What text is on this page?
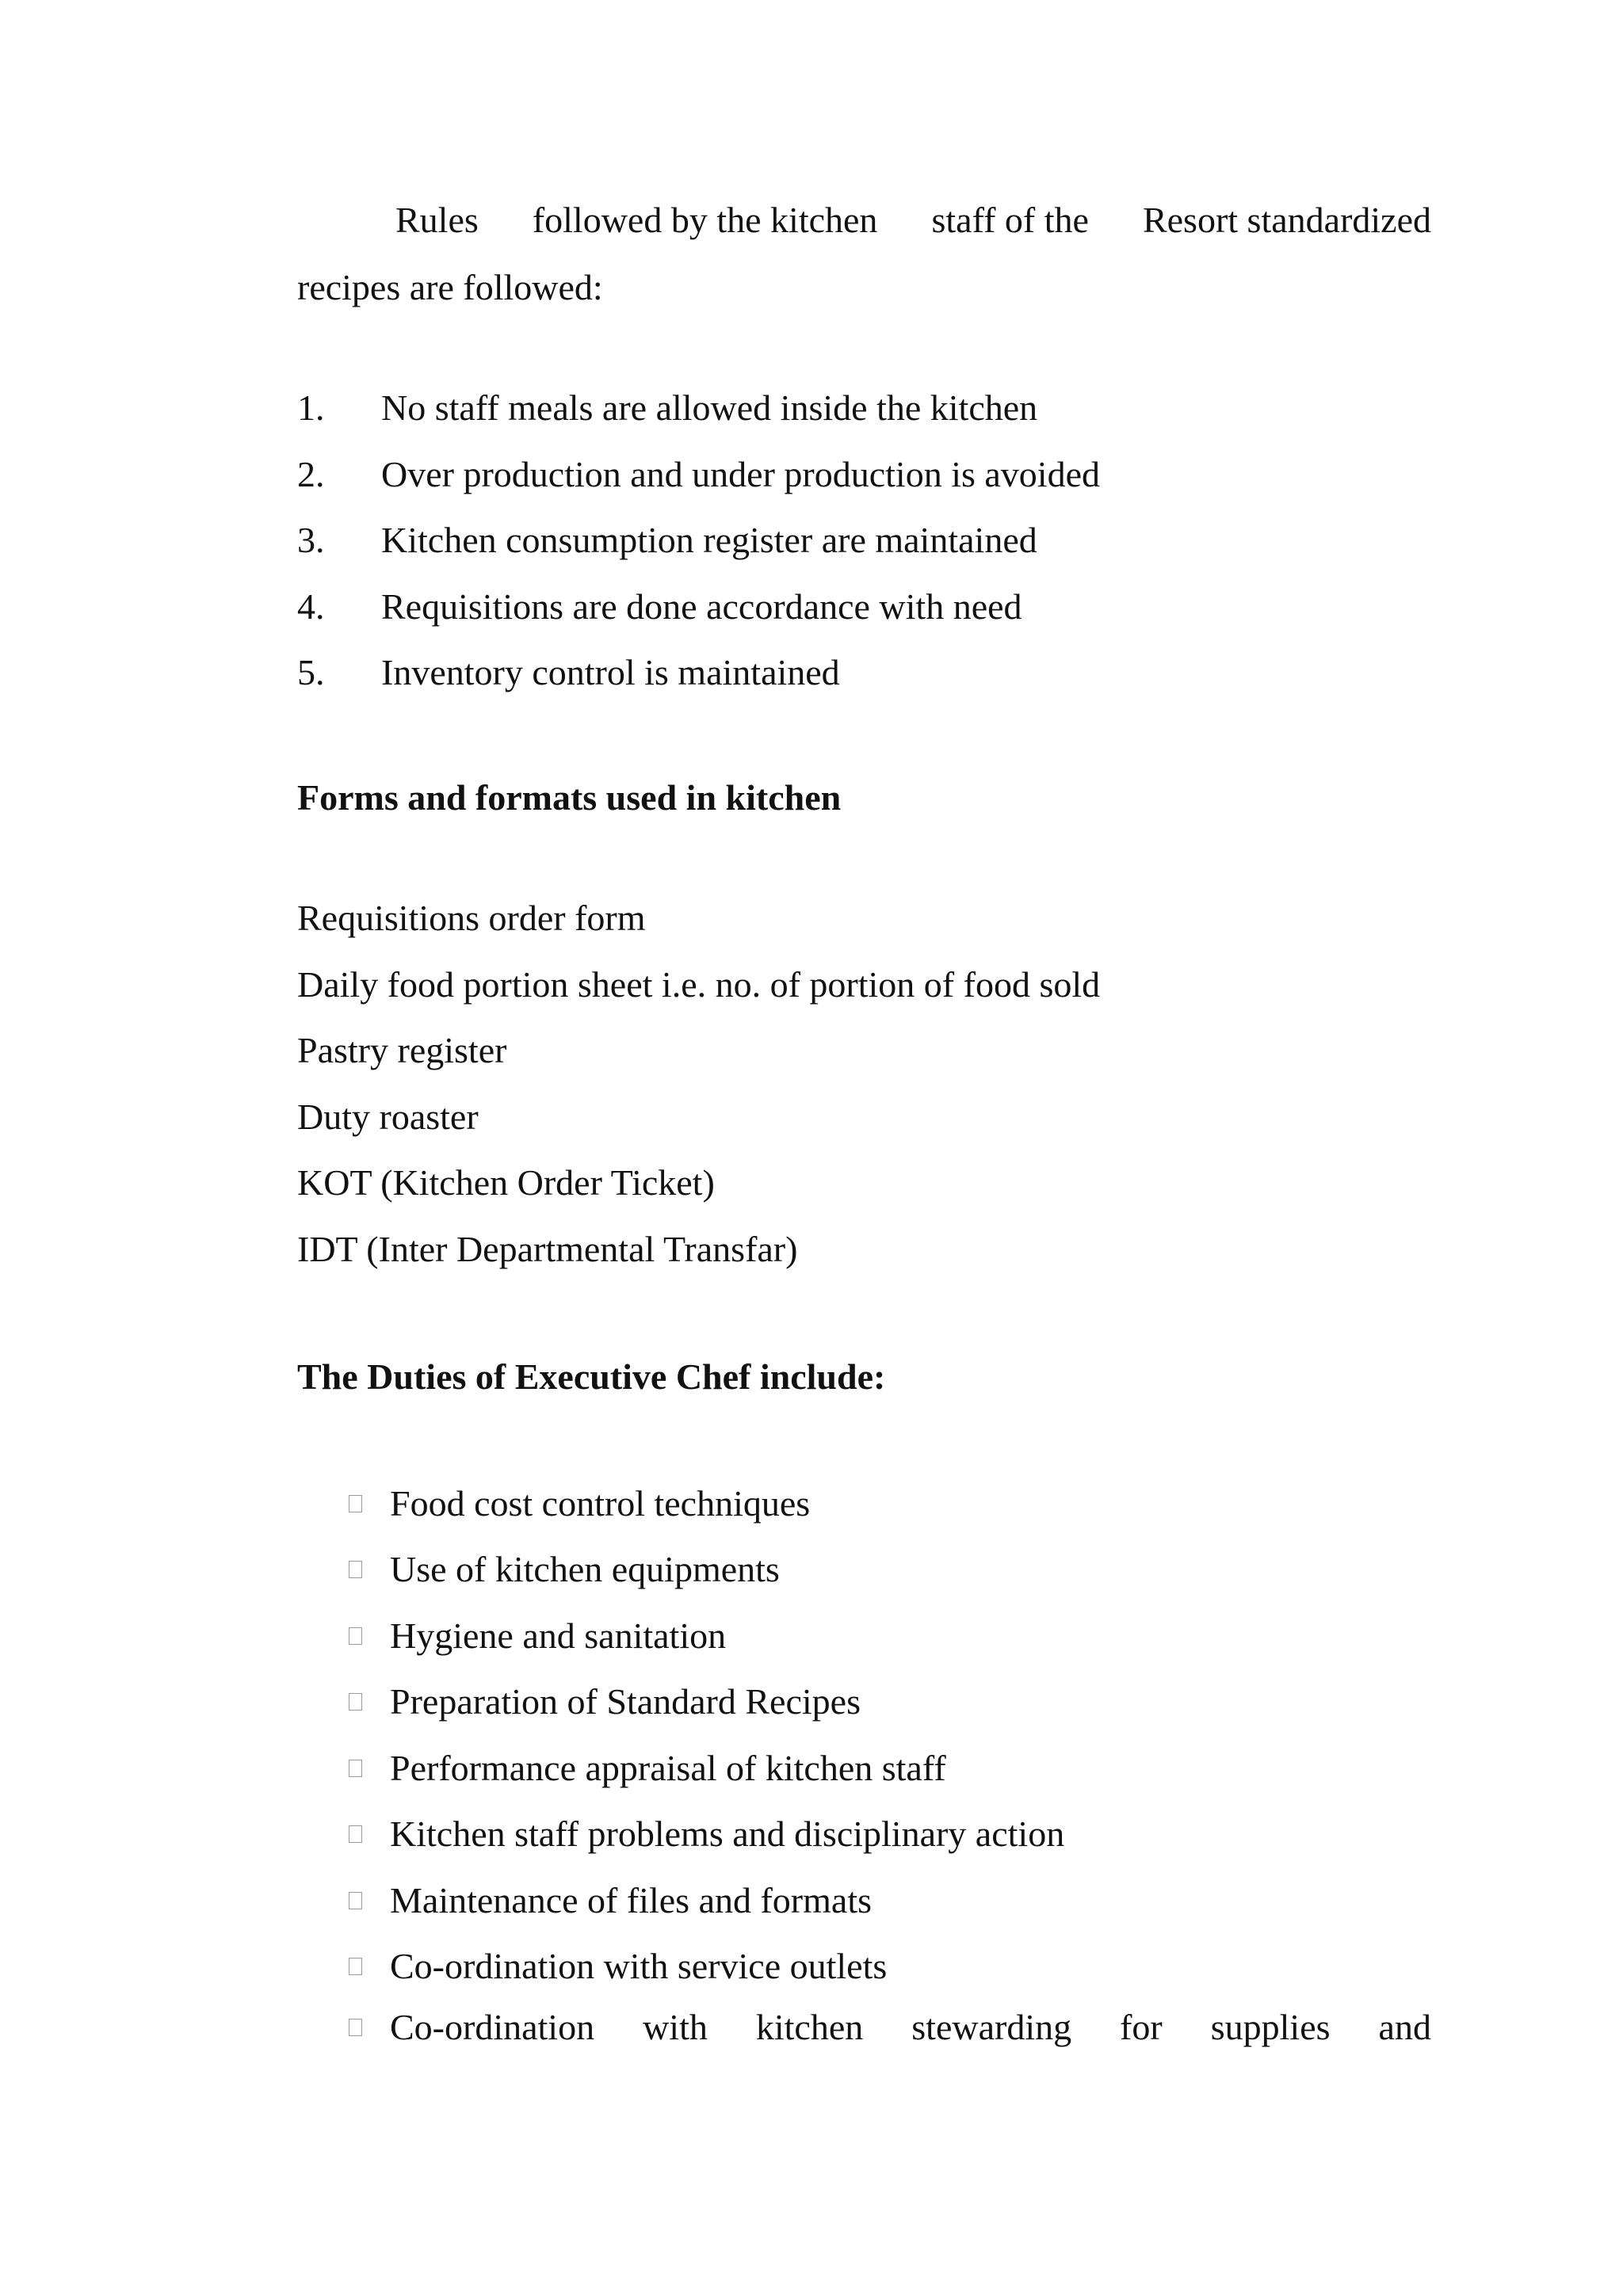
Rules followed by the kitchen staff of the Resort standardized
recipes are followed:
1.	No staff meals are allowed inside the kitchen
2.	Over production and under production is avoided
3.	Kitchen consumption register are maintained
4.	Requisitions are done accordance with need
5.	Inventory control is maintained
Forms and formats used in kitchen
Requisitions order form
Daily food portion sheet i.e. no. of portion of food sold
Pastry register
Duty roaster
KOT (Kitchen Order Ticket)
IDT (Inter Departmental Transfar)
The Duties of Executive Chef include:
Food cost control techniques
Use of kitchen equipments
Hygiene and sanitation
Preparation of Standard Recipes
Performance appraisal of kitchen staff
Kitchen staff problems and disciplinary action
Maintenance of files and formats
Co-ordination with service outlets
Co-ordination with kitchen stewarding for supplies and
